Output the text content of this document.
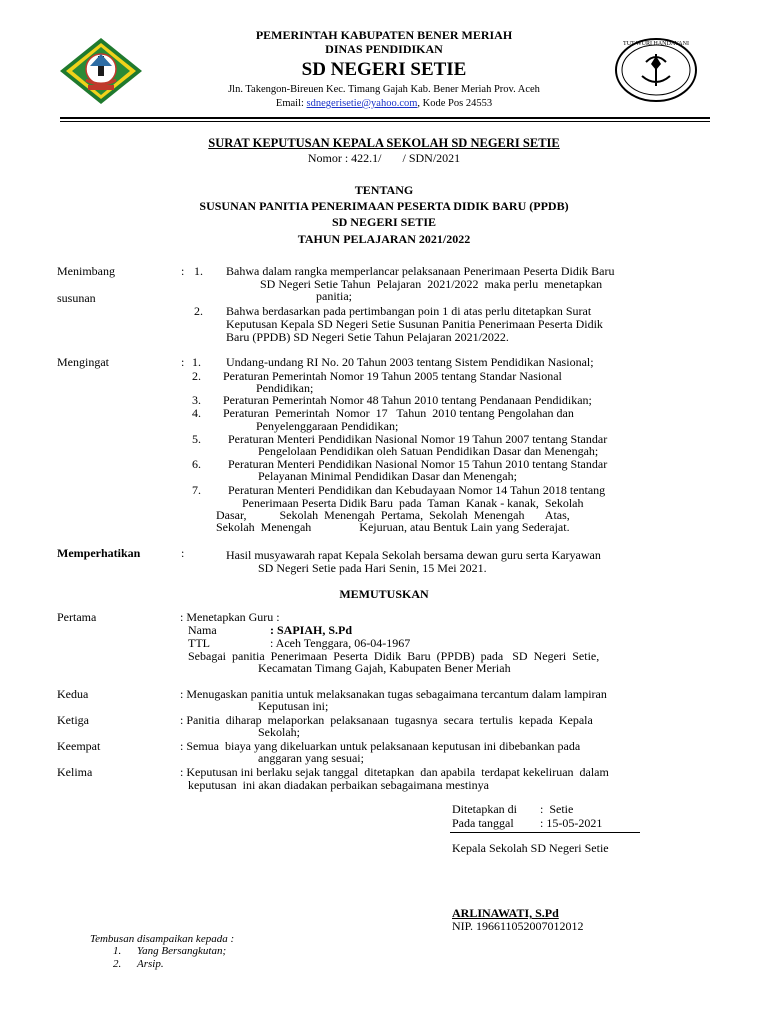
PEMERINTAH KABUPATEN BENER MERIAH
DINAS PENDIDIKAN
SD NEGERI SETIE
Jln. Takengon-Bireuen Kec. Timang Gajah Kab. Bener Meriah Prov. Aceh
Email: sdnegerisetie@yahoo.com, Kode Pos 24553
TUT WURI HANDAYANI
SURAT KEPUTUSAN KEPALA SEKOLAH SD NEGERI SETIE
Nomor : 422.1/       / SDN/2021
TENTANG
SUSUNAN PANITIA PENERIMAAN PESERTA DIDIK BARU (PPDB)
SD NEGERI SETIE
TAHUN PELAJARAN 2021/2022
Menimbang	:
susunan
1. Bahwa dalam rangka memperlancar pelaksanaan Penerimaan Peserta Didik Baru
SD Negeri Setie Tahun  Pelajaran  2021/2022  maka perlu  menetapkan
panitia;
2. Bahwa berdasarkan pada pertimbangan poin 1 di atas perlu ditetapkan Surat
Keputusan Kepala SD Negeri Setie Susunan Panitia Penerimaan Peserta Didik
Baru (PPDB) SD Negeri Setie Tahun Pelajaran 2021/2022.
Mengingat	: 1. Undang-undang RI No. 20 Tahun 2003 tentang Sistem Pendidikan Nasional;
2. Peraturan Pemerintah Nomor 19 Tahun 2005 tentang Standar Nasional
Pendidikan;
3. Peraturan Pemerintah Nomor 48 Tahun 2010 tentang Pendanaan Pendidikan;
4. Peraturan  Pemerintah  Nomor  17   Tahun  2010 tentang Pengolahan dan
Penyelenggaraan Pendidikan;
5. Peraturan Menteri Pendidikan Nasional Nomor 19 Tahun 2007 tentang Standar
Pengelolaan Pendidikan oleh Satuan Pendidikan Dasar dan Menengah;
6. Peraturan Menteri Pendidikan Nasional Nomor 15 Tahun 2010 tentang Standar
Pelayanan Minimal Pendidikan Dasar dan Menengah;
7. Peraturan Menteri Pendidikan dan Kebudayaan Nomor 14 Tahun 2018 tentang
Penerimaan Peserta Didik Baru  pada  Taman  Kanak - kanak,  Sekolah
Dasar,           Sekolah  Menengah  Pertama,  Sekolah  Menengah       Atas,
Sekolah  Menengah                Kejuruan, atau Bentuk Lain yang Sederajat.
Memperhatikan	:	Hasil musyawarah rapat Kepala Sekolah bersama dewan guru serta Karyawan
SD Negeri Setie pada Hari Senin, 15 Mei 2021.
MEMUTUSKAN
Pertama	: Menetapkan Guru :
Nama	: SAPIAH, S.Pd
TTL	: Aceh Tenggara, 06-04-1967
Sebagai  panitia  Penerimaan  Peserta  Didik  Baru  (PPDB)  pada   SD  Negeri  Setie,
Kecamatan Timang Gajah, Kabupaten Bener Meriah
Kedua	: Menugaskan panitia untuk melaksanakan tugas sebagaimana tercantum dalam lampiran
Keputusan ini;
Ketiga	: Panitia  diharap  melaporkan  pelaksanaan  tugasnya  secara  tertulis  kepada  Kepala
Sekolah;
Keempat	: Semua  biaya yang dikeluarkan untuk pelaksanaan keputusan ini dibebankan pada
anggaran yang sesuai;
Kelima	: Keputusan ini berlaku sejak tanggal  ditetapkan  dan apabila  terdapat kekeliruan  dalam
keputusan  ini akan diadakan perbaikan sebagaimana mestinya
Ditetapkan di :  Setie
Pada tanggal : 15-05-2021
Kepala Sekolah SD Negeri Setie
ARLINAWATI, S.Pd
NIP. 196611052007012012
Tembusan disampaikan kepada :
1. Yang Bersangkutan;
2. Arsip.
